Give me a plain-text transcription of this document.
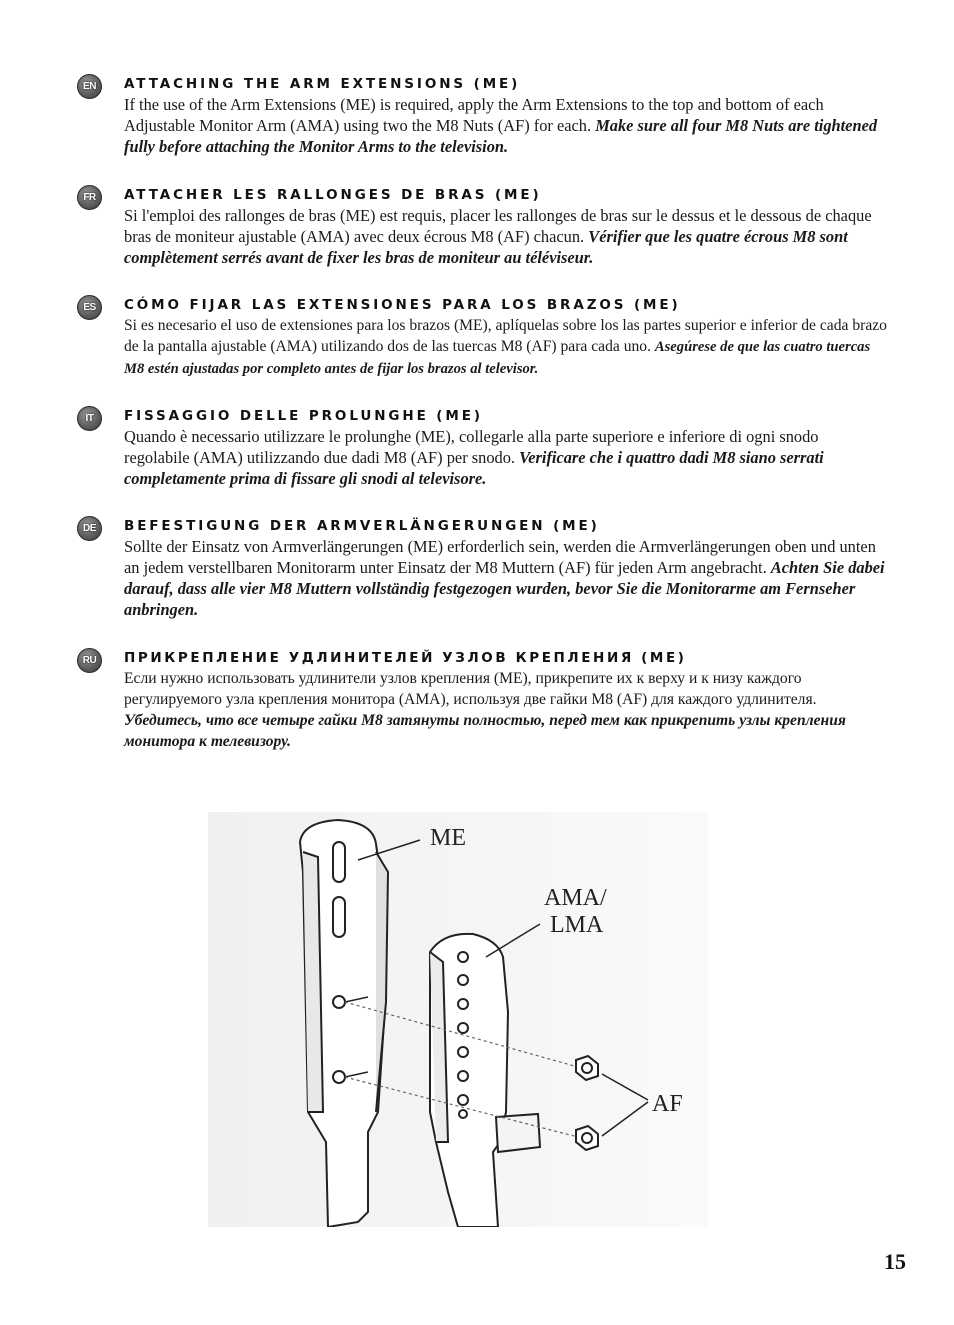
EN	ATTACHING THE ARM EXTENSIONS (ME)

If the use of the Arm Extensions (ME) is required, apply the Arm Extensions to the top and bottom of each Adjustable Monitor Arm (AMA) using two the M8 Nuts (AF) for each. Make sure all four M8 Nuts are tightened fully before attaching the Monitor Arms to the television.

FR	ATTACHER LES RALLONGES DE BRAS (ME)

Si l'emploi des rallonges de bras (ME) est requis, placer les rallonges de bras sur le dessus et le dessous de chaque bras de moniteur ajustable (AMA) avec deux écrous M8 (AF) chacun. Vérifier que les quatre écrous M8 sont complètement serrés avant de fixer les bras de moniteur au téléviseur.

ES	CÓMO FIJAR LAS EXTENSIONES PARA LOS BRAZOS (ME)

Si es necesario el uso de extensiones para los brazos (ME), aplíquelas sobre los las partes superior e inferior de cada brazo de la pantalla ajustable (AMA) utilizando dos de las tuercas M8 (AF) para cada uno. Asegúrese de que las cuatro tuercas M8 estén ajustadas por completo antes de fijar los brazos al televisor.

IT	FISSAGGIO DELLE PROLUNGHE (ME)

Quando è necessario utilizzare le prolunghe (ME), collegarle alla parte superiore e inferiore di ogni snodo regolabile (AMA) utilizzando due dadi M8 (AF) per snodo. Verificare che i quattro dadi M8 siano serrati completamente prima di fissare gli snodi al televisore.

DE	BEFESTIGUNG DER ARMVERLÄNGERUNGEN (ME)

Sollte der Einsatz von Armverlängerungen (ME) erforderlich sein, werden die Armverlängerungen oben und unten an jedem verstellbaren Monitorarm unter Einsatz der M8 Muttern (AF) für jeden Arm angebracht. Achten Sie dabei darauf, dass alle vier M8 Muttern vollständig festgezogen wurden, bevor Sie die Monitorarme am Fernseher anbringen.

RU	ПРИКРЕПЛЕНИЕ УДЛИНИТЕЛЕЙ УЗЛОВ КРЕПЛЕНИЯ (ME)

Если нужно использовать удлинители узлов крепления (ME), прикрепите их к верху и к низу каждого регулируемого узла крепления монитора (AMA), используя две гайки M8 (AF) для каждого удлинителя. Убедитесь, что все четыре гайки M8 затянуты полностью, перед тем как прикрепить узлы крепления монитора к телевизору.

ME
AMA/
LMA
AF
15
